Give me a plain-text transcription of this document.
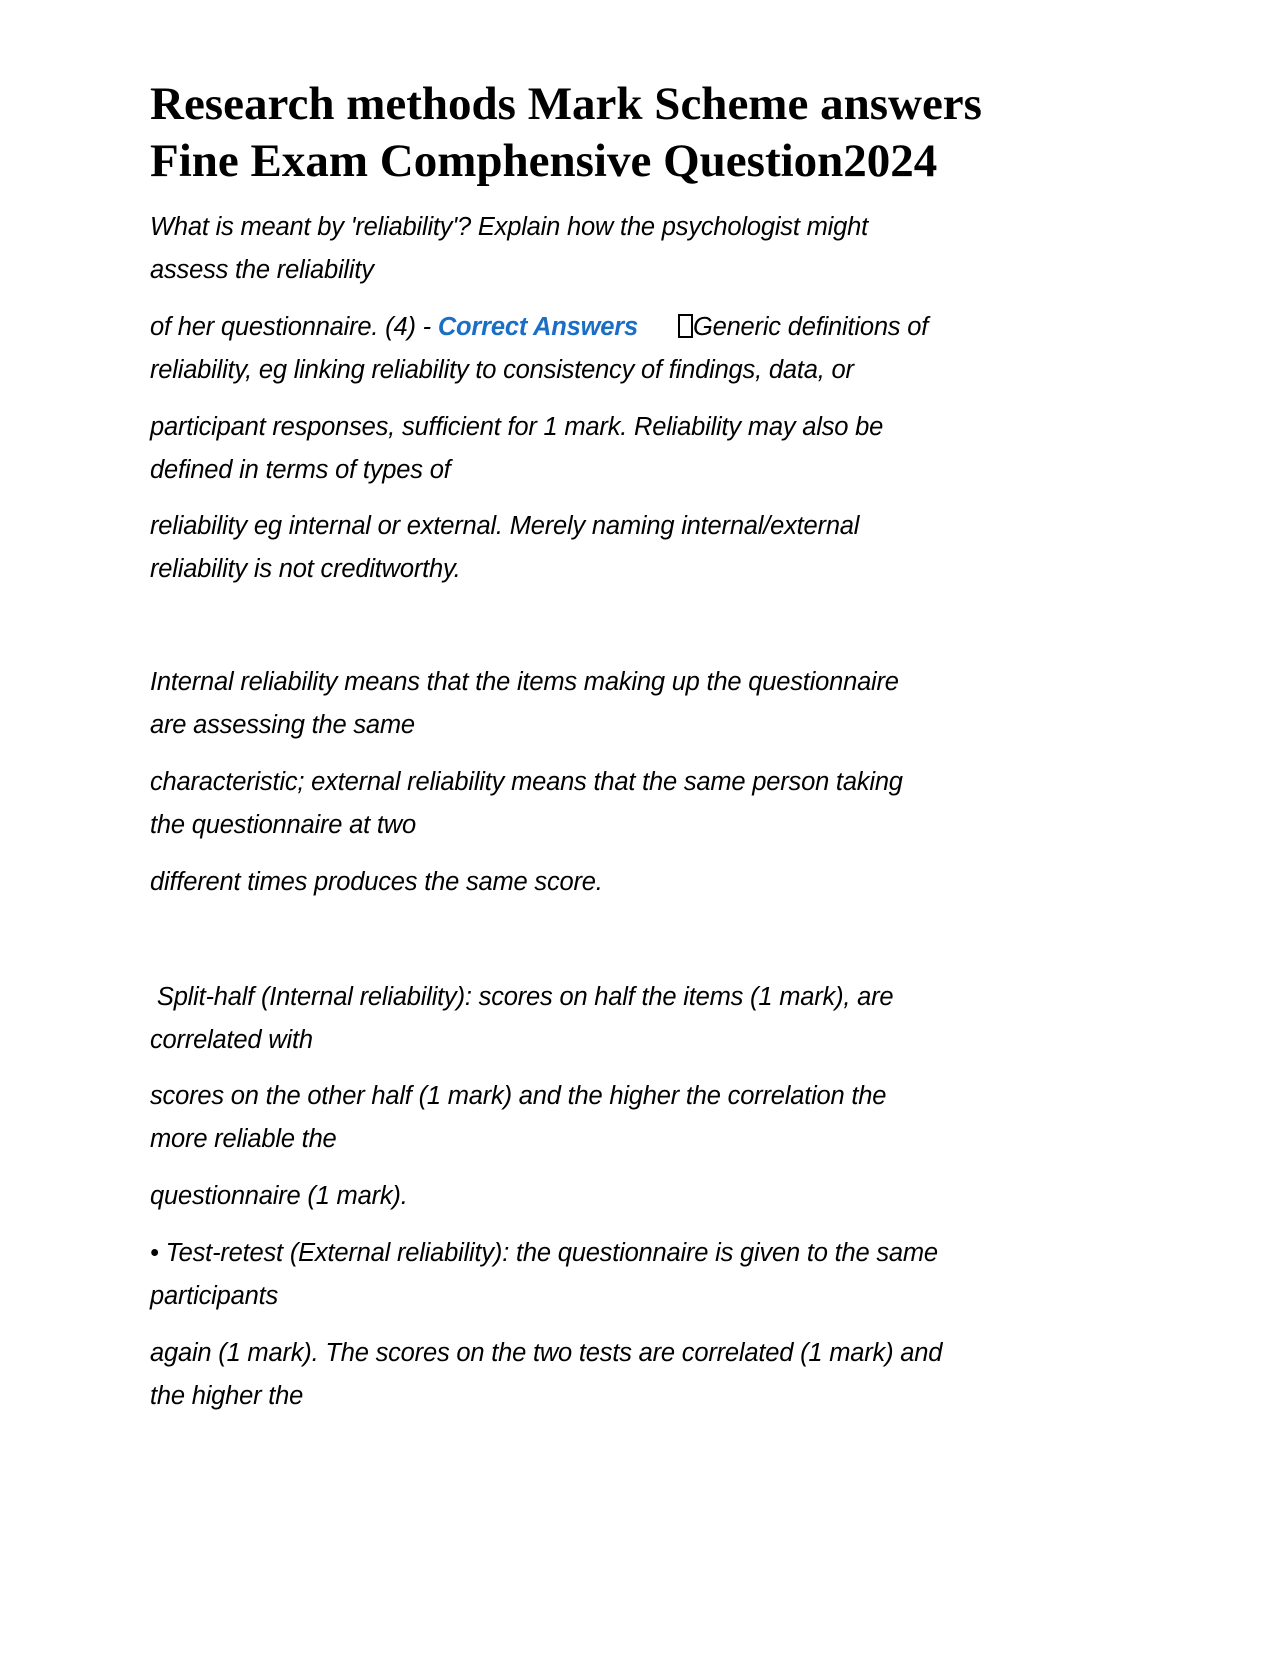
Research methods Mark Scheme answers
Fine Exam Comphensive Question2024

What is meant by 'reliability'? Explain how the psychologist might
assess the reliability

of her questionnaire. (4) - Correct Answers Generic definitions of
reliability, eg linking reliability to consistency of findings, data, or

participant responses, sufficient for 1 mark. Reliability may also be
defined in terms of types of

reliability eg internal or external. Merely naming internal/external
reliability is not creditworthy.

Internal reliability means that the items making up the questionnaire
are assessing the same

characteristic; external reliability means that the same person taking
the questionnaire at two

different times produces the same score.

Split-half (Internal reliability): scores on half the items (1 mark), are
correlated with

scores on the other half (1 mark) and the higher the correlation the
more reliable the

questionnaire (1 mark).

• Test-retest (External reliability): the questionnaire is given to the same
participants

again (1 mark). The scores on the two tests are correlated (1 mark) and
the higher the
